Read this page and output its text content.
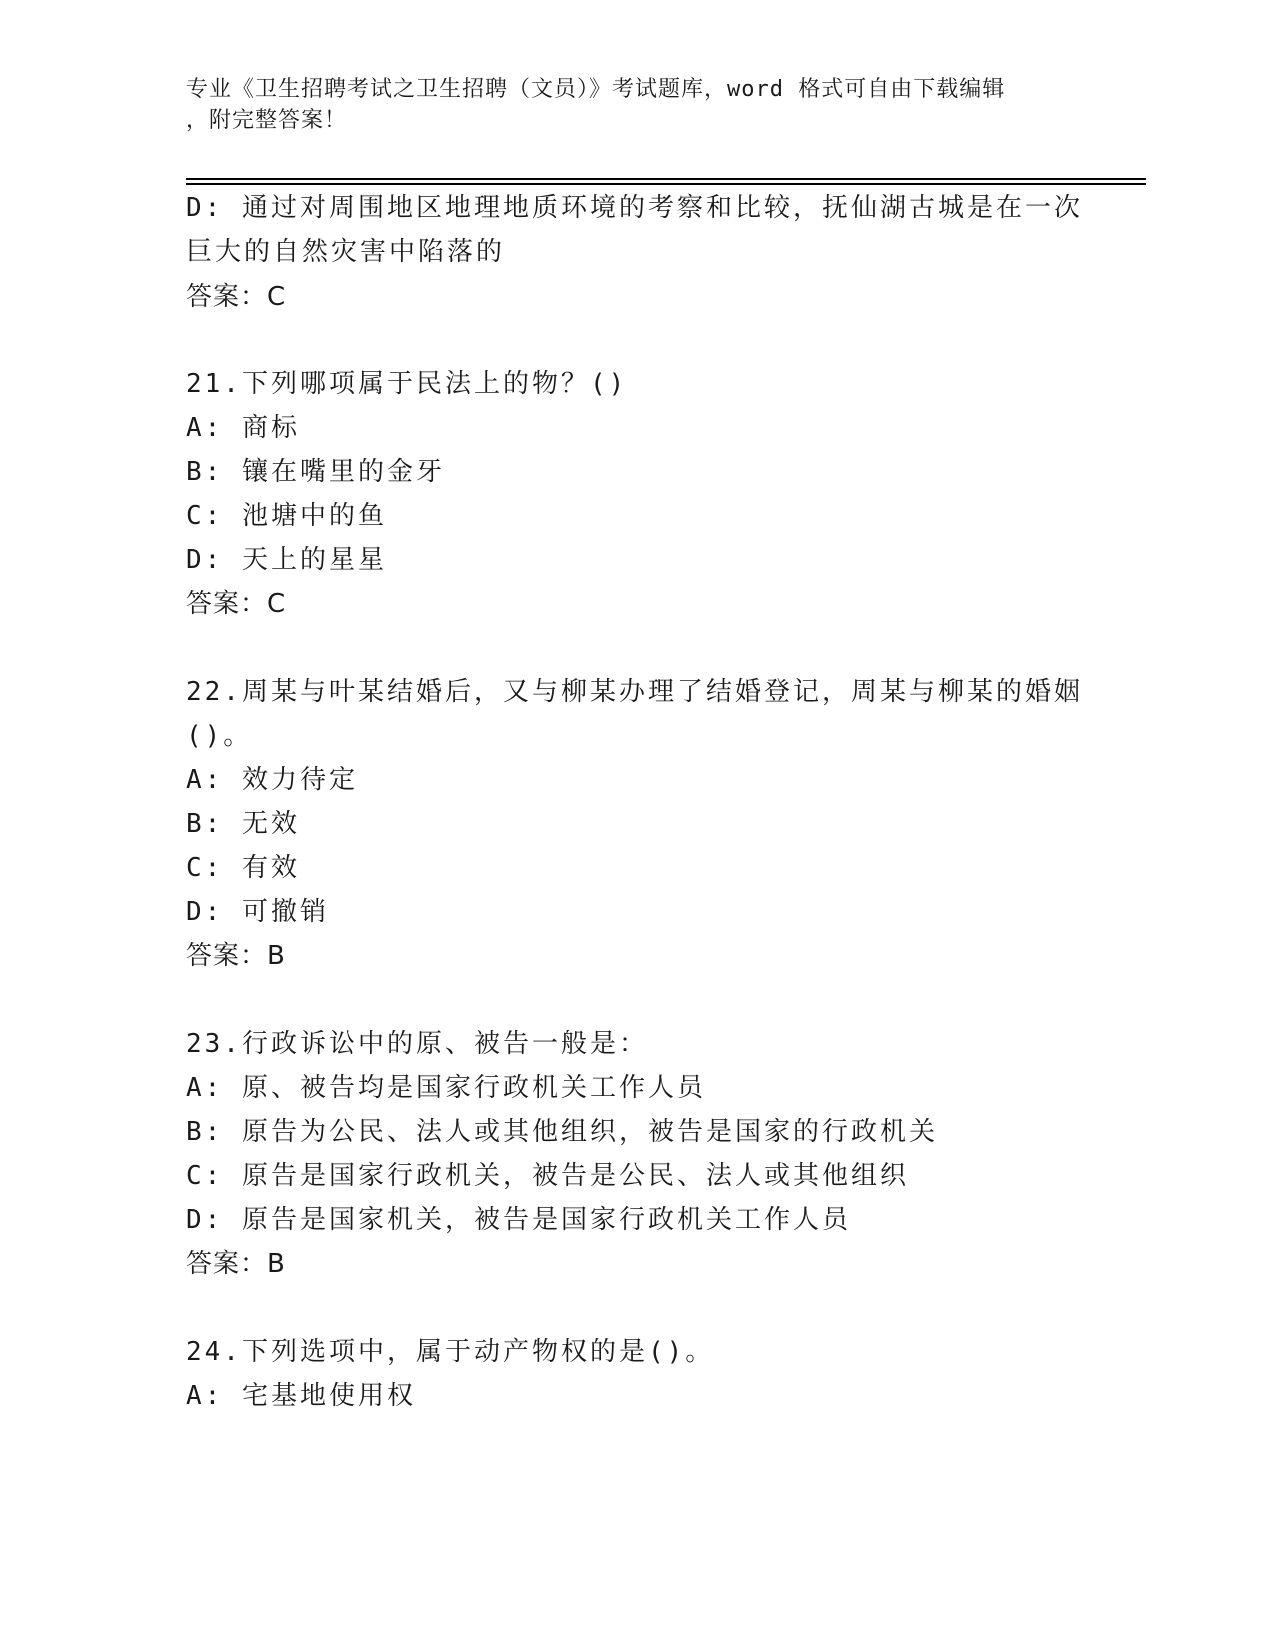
专业《卫生招聘考试之卫生招聘（文员）》考试题库，word 格式可自由下载编辑
，附完整答案！
D: 通过对周围地区地理地质环境的考察和比较，抚仙湖古城是在一次
巨大的自然灾害中陷落的
答案：C
21.下列哪项属于民法上的物？()
A: 商标
B: 镶在嘴里的金牙
C: 池塘中的鱼
D: 天上的星星
答案：C
22.周某与叶某结婚后，又与柳某办理了结婚登记，周某与柳某的婚姻
()。
A: 效力待定
B: 无效
C: 有效
D: 可撤销
答案：B
23.行政诉讼中的原、被告一般是：
A: 原、被告均是国家行政机关工作人员
B: 原告为公民、法人或其他组织，被告是国家的行政机关
C: 原告是国家行政机关，被告是公民、法人或其他组织
D: 原告是国家机关，被告是国家行政机关工作人员
答案：B
24.下列选项中，属于动产物权的是()。
A: 宅基地使用权
